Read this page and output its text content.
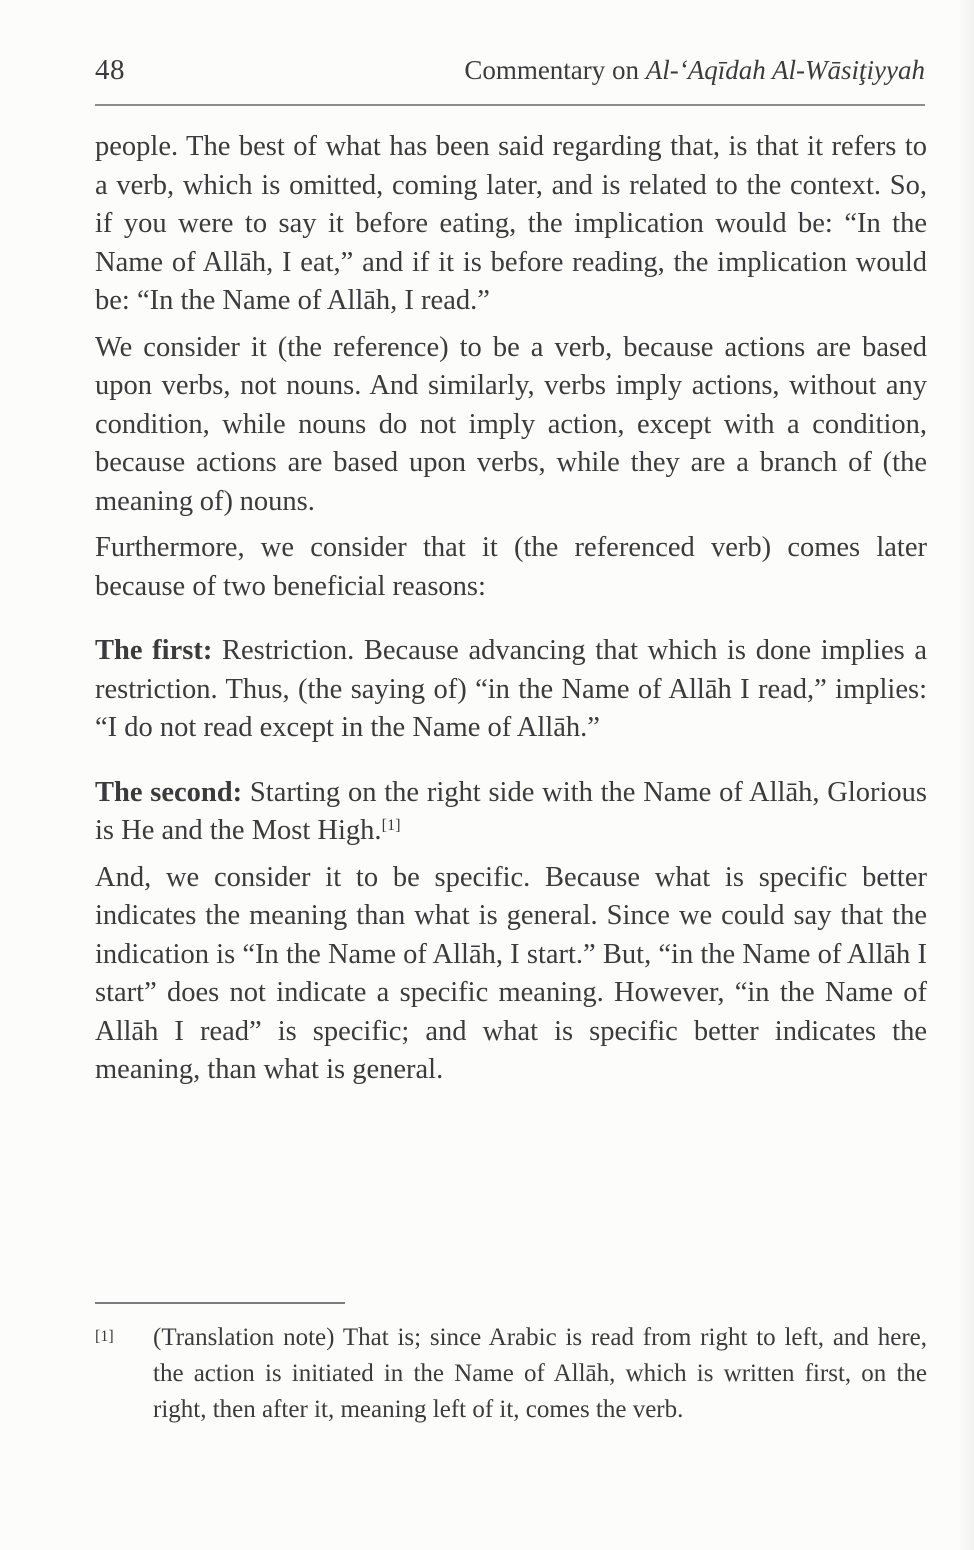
48	Commentary on Al-‘Aqīdah Al-Wāsiţiyyah

people. The best of what has been said regarding that, is that it refers to a verb, which is omitted, coming later, and is related to the context. So, if you were to say it before eating, the implication would be: “In the Name of Allāh, I eat,” and if it is before reading, the implication would be: “In the Name of Allāh, I read.”

We consider it (the reference) to be a verb, because actions are based upon verbs, not nouns. And similarly, verbs imply actions, without any condition, while nouns do not imply action, except with a condition, because actions are based upon verbs, while they are a branch of (the meaning of) nouns.

Furthermore, we consider that it (the referenced verb) comes later because of two beneficial reasons:

The first: Restriction. Because advancing that which is done implies a restriction. Thus, (the saying of) “in the Name of Allāh I read,” implies: “I do not read except in the Name of Allāh.”

The second: Starting on the right side with the Name of Allāh, Glorious is He and the Most High.[1]

And, we consider it to be specific. Because what is specific better indicates the meaning than what is general. Since we could say that the indication is “In the Name of Allāh, I start.” But, “in the Name of Allāh I start” does not indicate a specific meaning. However, “in the Name of Allāh I read” is specific; and what is specific better indicates the meaning, than what is general.

[1]	(Translation note) That is; since Arabic is read from right to left, and here, the action is initiated in the Name of Allāh, which is written first, on the right, then after it, meaning left of it, comes the verb.
